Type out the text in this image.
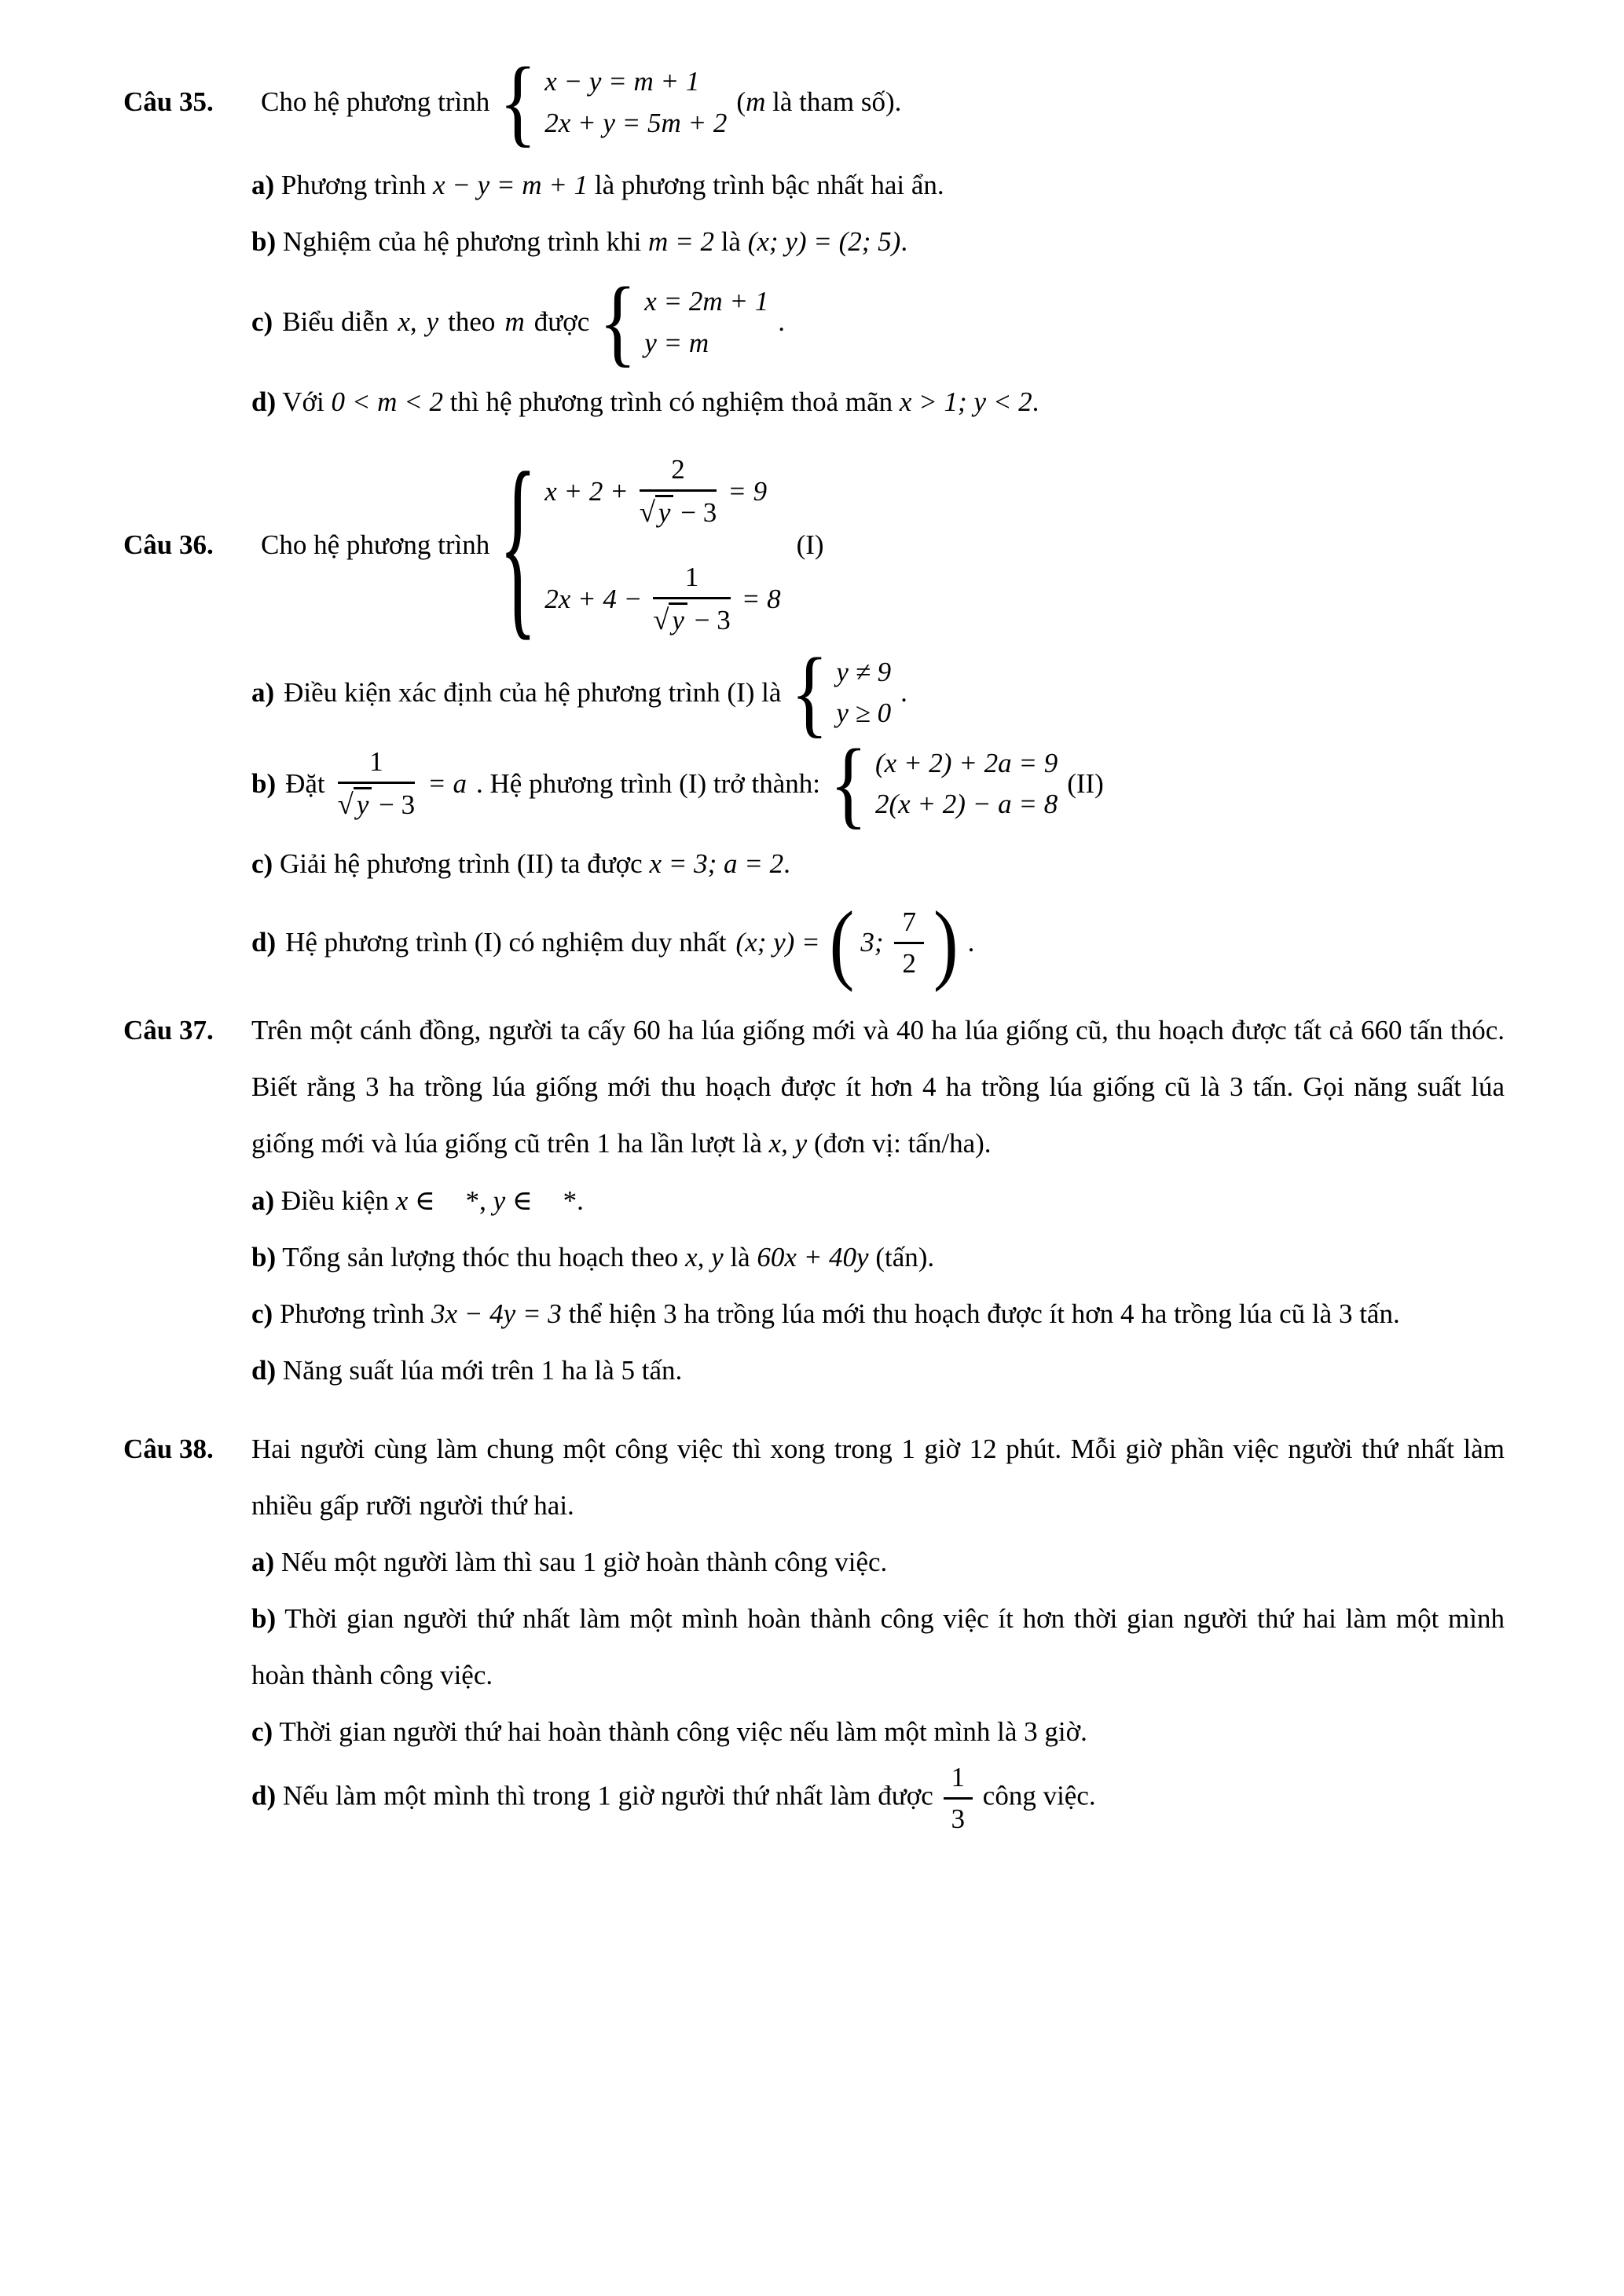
Câu 35.	Cho hệ phương trình { x − y = m + 1
2x + y = 5m + 2
(m là tham số).

a) Phương trình x − y = m + 1 là phương trình bậc nhất hai ẩn.

b) Nghiệm của hệ phương trình khi m = 2 là (x; y) = (2; 5).

c) Biểu diễn x, y theo m được { x = 2m + 1
y = m
.

d) Với 0 < m < 2 thì hệ phương trình có nghiệm thoả mãn x > 1; y < 2.

Câu 36.	Cho hệ phương trình { $x + 2 + \frac{2}{√ y - 3} = 9$
$2x + 4 - \frac{1}{√ y - 3} = 8$
(I)
a) Điều kiện xác định của hệ phương trình (I) là { y ≠ 9
y ≥ 0
.
b) Đặt $\frac{1}{√ y - 3} = a$ . Hệ phương trình (I) trở thành: { (x + 2) + 2a = 9
2(x + 2) − a = 8
(II)

c) Giải hệ phương trình (II) ta được x = 3; a = 2.

d) Hệ phương trình (I) có nghiệm duy nhất (x; y) = ( 3; $\frac{7}{2}$ ) .
Câu 37. Trên một cánh đồng, người ta cấy 60 ha lúa giống mới và 40 ha lúa giống cũ, thu hoạch được tất cả 660 tấn thóc. Biết rằng 3 ha trồng lúa giống mới thu hoạch được ít hơn 4 ha trồng lúa giống cũ là 3 tấn. Gọi năng suất lúa giống mới và lúa giống cũ trên 1 ha lần lượt là x, y (đơn vị: tấn/ha).

a) Điều kiện x ∈ *, y ∈ *.

b) Tổng sản lượng thóc thu hoạch theo x, y là 60x + 40y (tấn).

c) Phương trình 3x − 4y = 3 thể hiện 3 ha trồng lúa mới thu hoạch được ít hơn 4 ha trồng lúa cũ là 3 tấn.

d) Năng suất lúa mới trên 1 ha là 5 tấn.

Câu 38. Hai người cùng làm chung một công việc thì xong trong 1 giờ 12 phút. Mỗi giờ phần việc người thứ nhất làm nhiều gấp rưỡi người thứ hai.

a) Nếu một người làm thì sau 1 giờ hoàn thành công việc.

b) Thời gian người thứ nhất làm một mình hoàn thành công việc ít hơn thời gian người thứ hai làm một mình hoàn thành công việc.

c) Thời gian người thứ hai hoàn thành công việc nếu làm một mình là 3 giờ.

d) Nếu làm một mình thì trong 1 giờ người thứ nhất làm được $\frac{1}{3}$ công việc.
